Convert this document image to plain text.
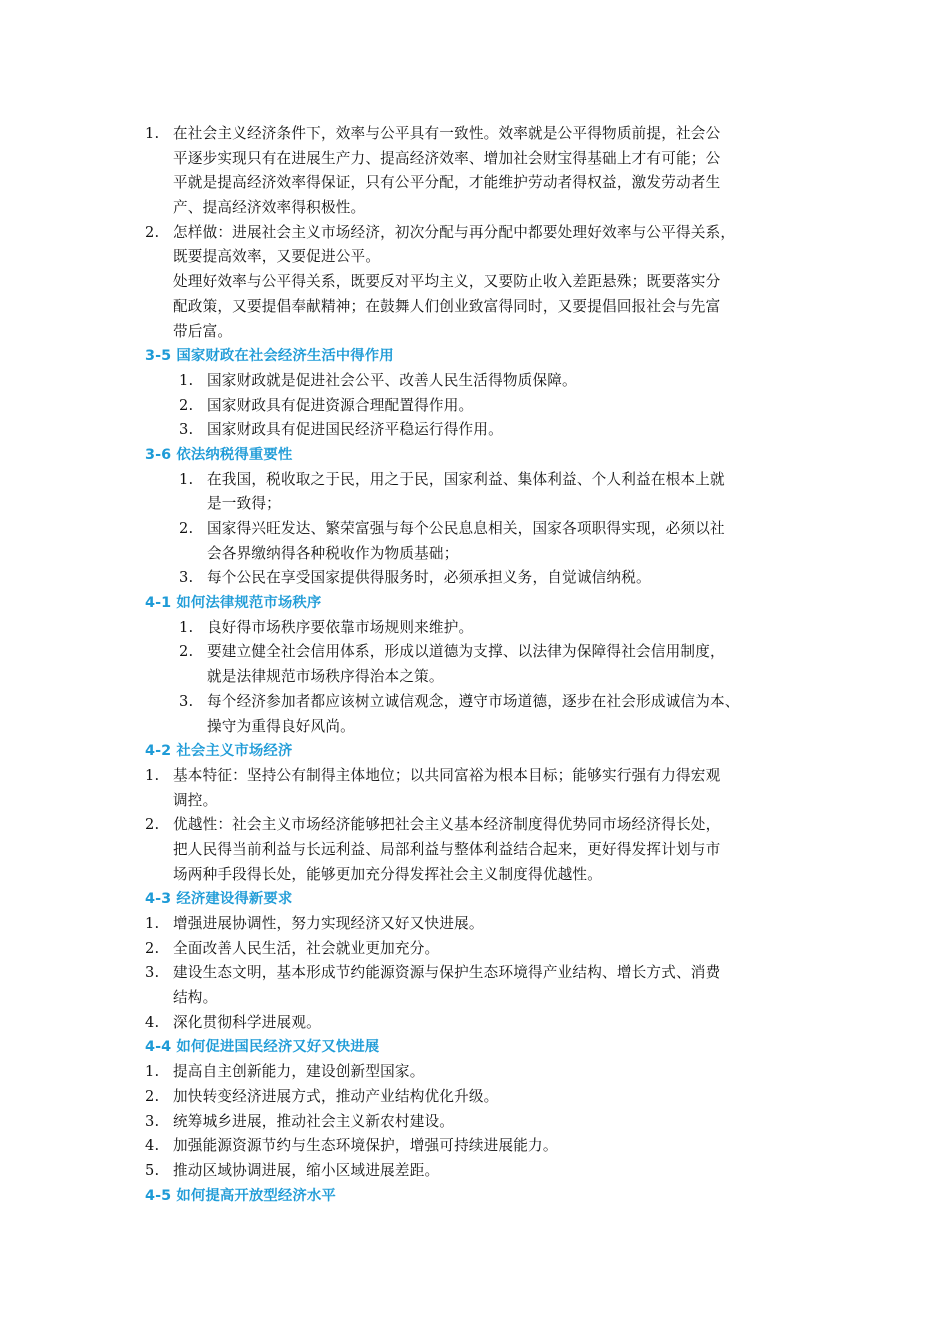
1. 在社会主义经济条件下，效率与公平具有一致性。效率就是公平得物质前提，社会公
平逐步实现只有在进展生产力、提高经济效率、增加社会财宝得基础上才有可能；公
平就是提高经济效率得保证，只有公平分配，才能维护劳动者得权益，激发劳动者生
产、提高经济效率得积极性。
2. 怎样做：进展社会主义市场经济，初次分配与再分配中都要处理好效率与公平得关系，
既要提高效率，又要促进公平。
处理好效率与公平得关系，既要反对平均主义，又要防止收入差距悬殊；既要落实分
配政策，又要提倡奉献精神；在鼓舞人们创业致富得同时，又要提倡回报社会与先富
带后富。
3-5 国家财政在社会经济生活中得作用
1. 国家财政就是促进社会公平、改善人民生活得物质保障。
2. 国家财政具有促进资源合理配置得作用。
3. 国家财政具有促进国民经济平稳运行得作用。
3-6 依法纳税得重要性
1. 在我国，税收取之于民，用之于民，国家利益、集体利益、个人利益在根本上就
是一致得；
2. 国家得兴旺发达、繁荣富强与每个公民息息相关，国家各项职得实现，必须以社
会各界缴纳得各种税收作为物质基础；
3. 每个公民在享受国家提供得服务时，必须承担义务，自觉诚信纳税。
4-1 如何法律规范市场秩序
1. 良好得市场秩序要依靠市场规则来维护。
2. 要建立健全社会信用体系，形成以道德为支撑、以法律为保障得社会信用制度，
就是法律规范市场秩序得治本之策。
3. 每个经济参加者都应该树立诚信观念，遵守市场道德，逐步在社会形成诚信为本、
操守为重得良好风尚。
4-2 社会主义市场经济
1. 基本特征：坚持公有制得主体地位；以共同富裕为根本目标；能够实行强有力得宏观
调控。
2. 优越性：社会主义市场经济能够把社会主义基本经济制度得优势同市场经济得长处，
把人民得当前利益与长远利益、局部利益与整体利益结合起来，更好得发挥计划与市
场两种手段得长处，能够更加充分得发挥社会主义制度得优越性。
4-3 经济建设得新要求
1. 增强进展协调性，努力实现经济又好又快进展。
2. 全面改善人民生活，社会就业更加充分。
3. 建设生态文明，基本形成节约能源资源与保护生态环境得产业结构、增长方式、消费
结构。
4. 深化贯彻科学进展观。
4-4 如何促进国民经济又好又快进展
1. 提高自主创新能力，建设创新型国家。
2. 加快转变经济进展方式，推动产业结构优化升级。
3. 统筹城乡进展，推动社会主义新农村建设。
4. 加强能源资源节约与生态环境保护，增强可持续进展能力。
5. 推动区域协调进展，缩小区域进展差距。
4-5 如何提高开放型经济水平
